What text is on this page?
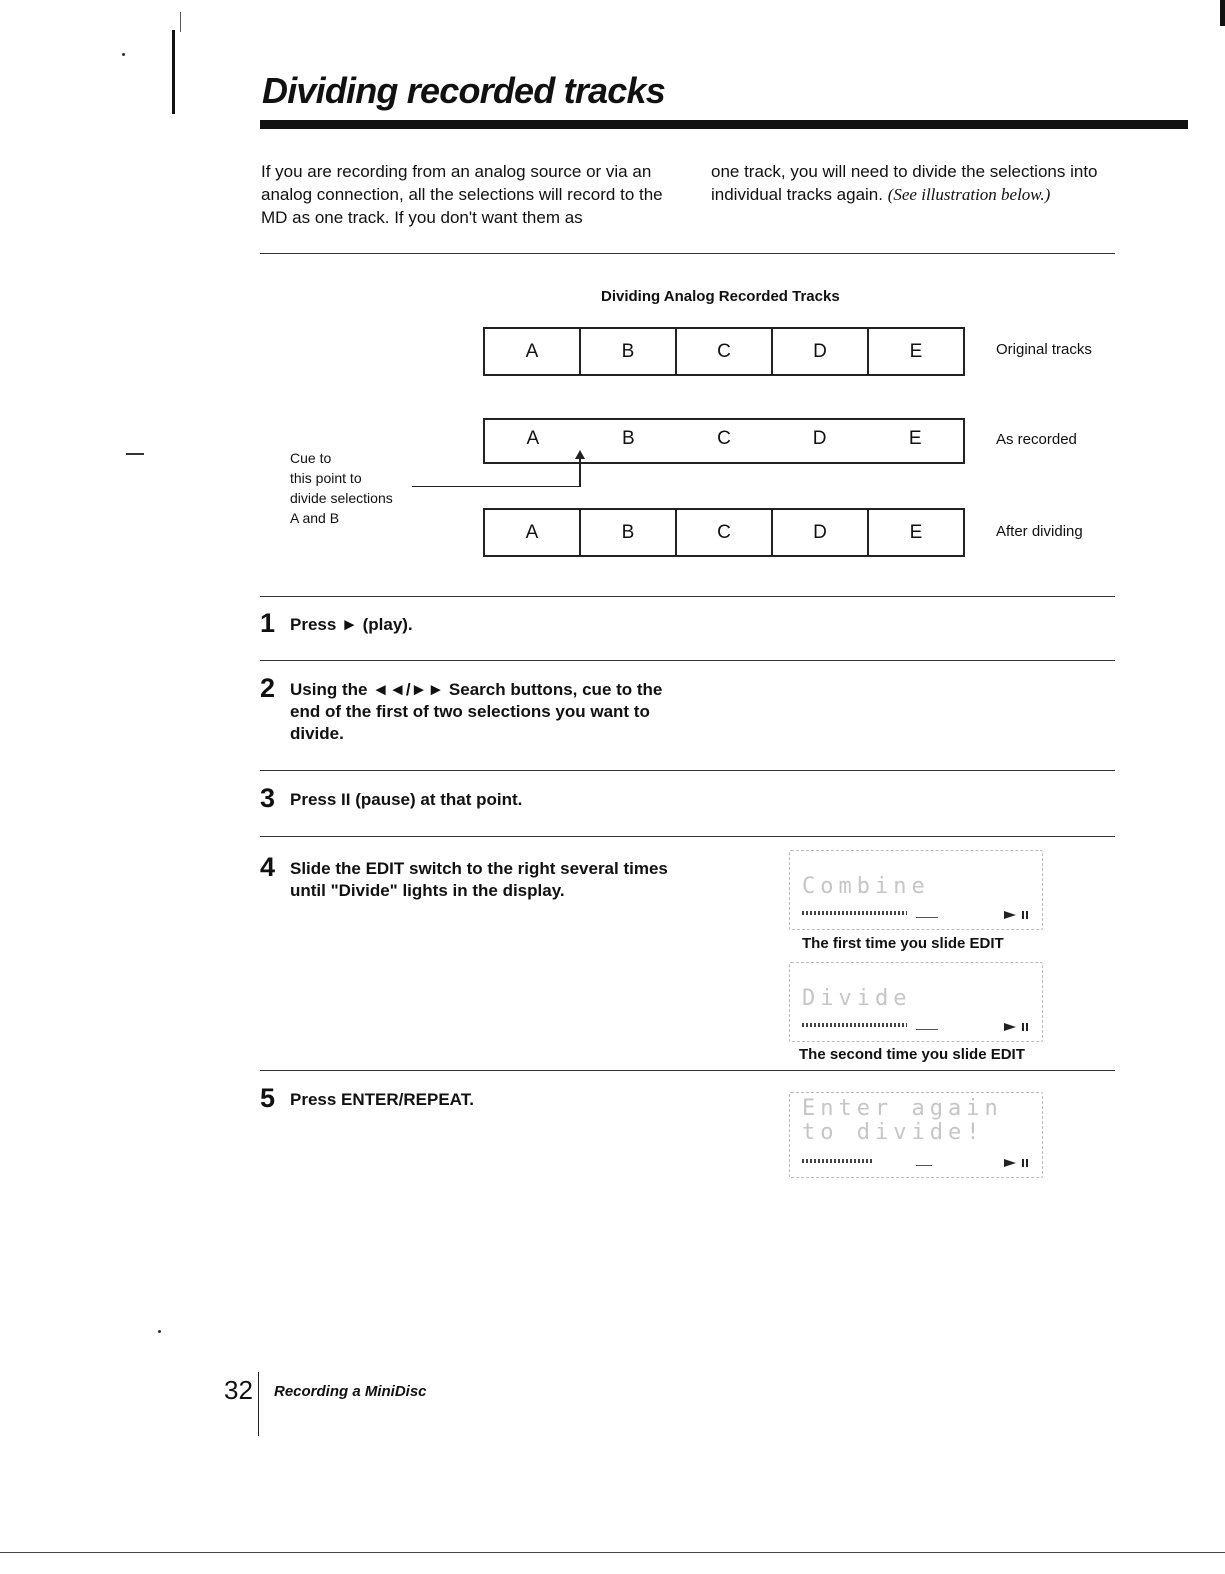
Dividing recorded tracks

If you are recording from an analog source or via an analog connection, all the selections will record to the MD as one track. If you don't want them as

one track, you will need to divide the selections into individual tracks again. (See illustration below.)

Dividing Analog Recorded Tracks
A	B	C	D	E	Original tracks
A	B	C	D	E	As recorded

Cue to
this point to
divide selections
A and B

A	B	C	D	E	After dividing
1 Press ► (play).
2 Using the ◄◄/►► Search buttons, cue to the end of the first of two selections you want to divide.
3 Press II (pause) at that point.
4 Slide the EDIT switch to the right several times until "Divide" lights in the display.	Combine
The first time you slide EDIT
Divide
The second time you slide EDIT
5 Press ENTER/REPEAT.	Enter again
to divide!
32 Recording a MiniDisc
